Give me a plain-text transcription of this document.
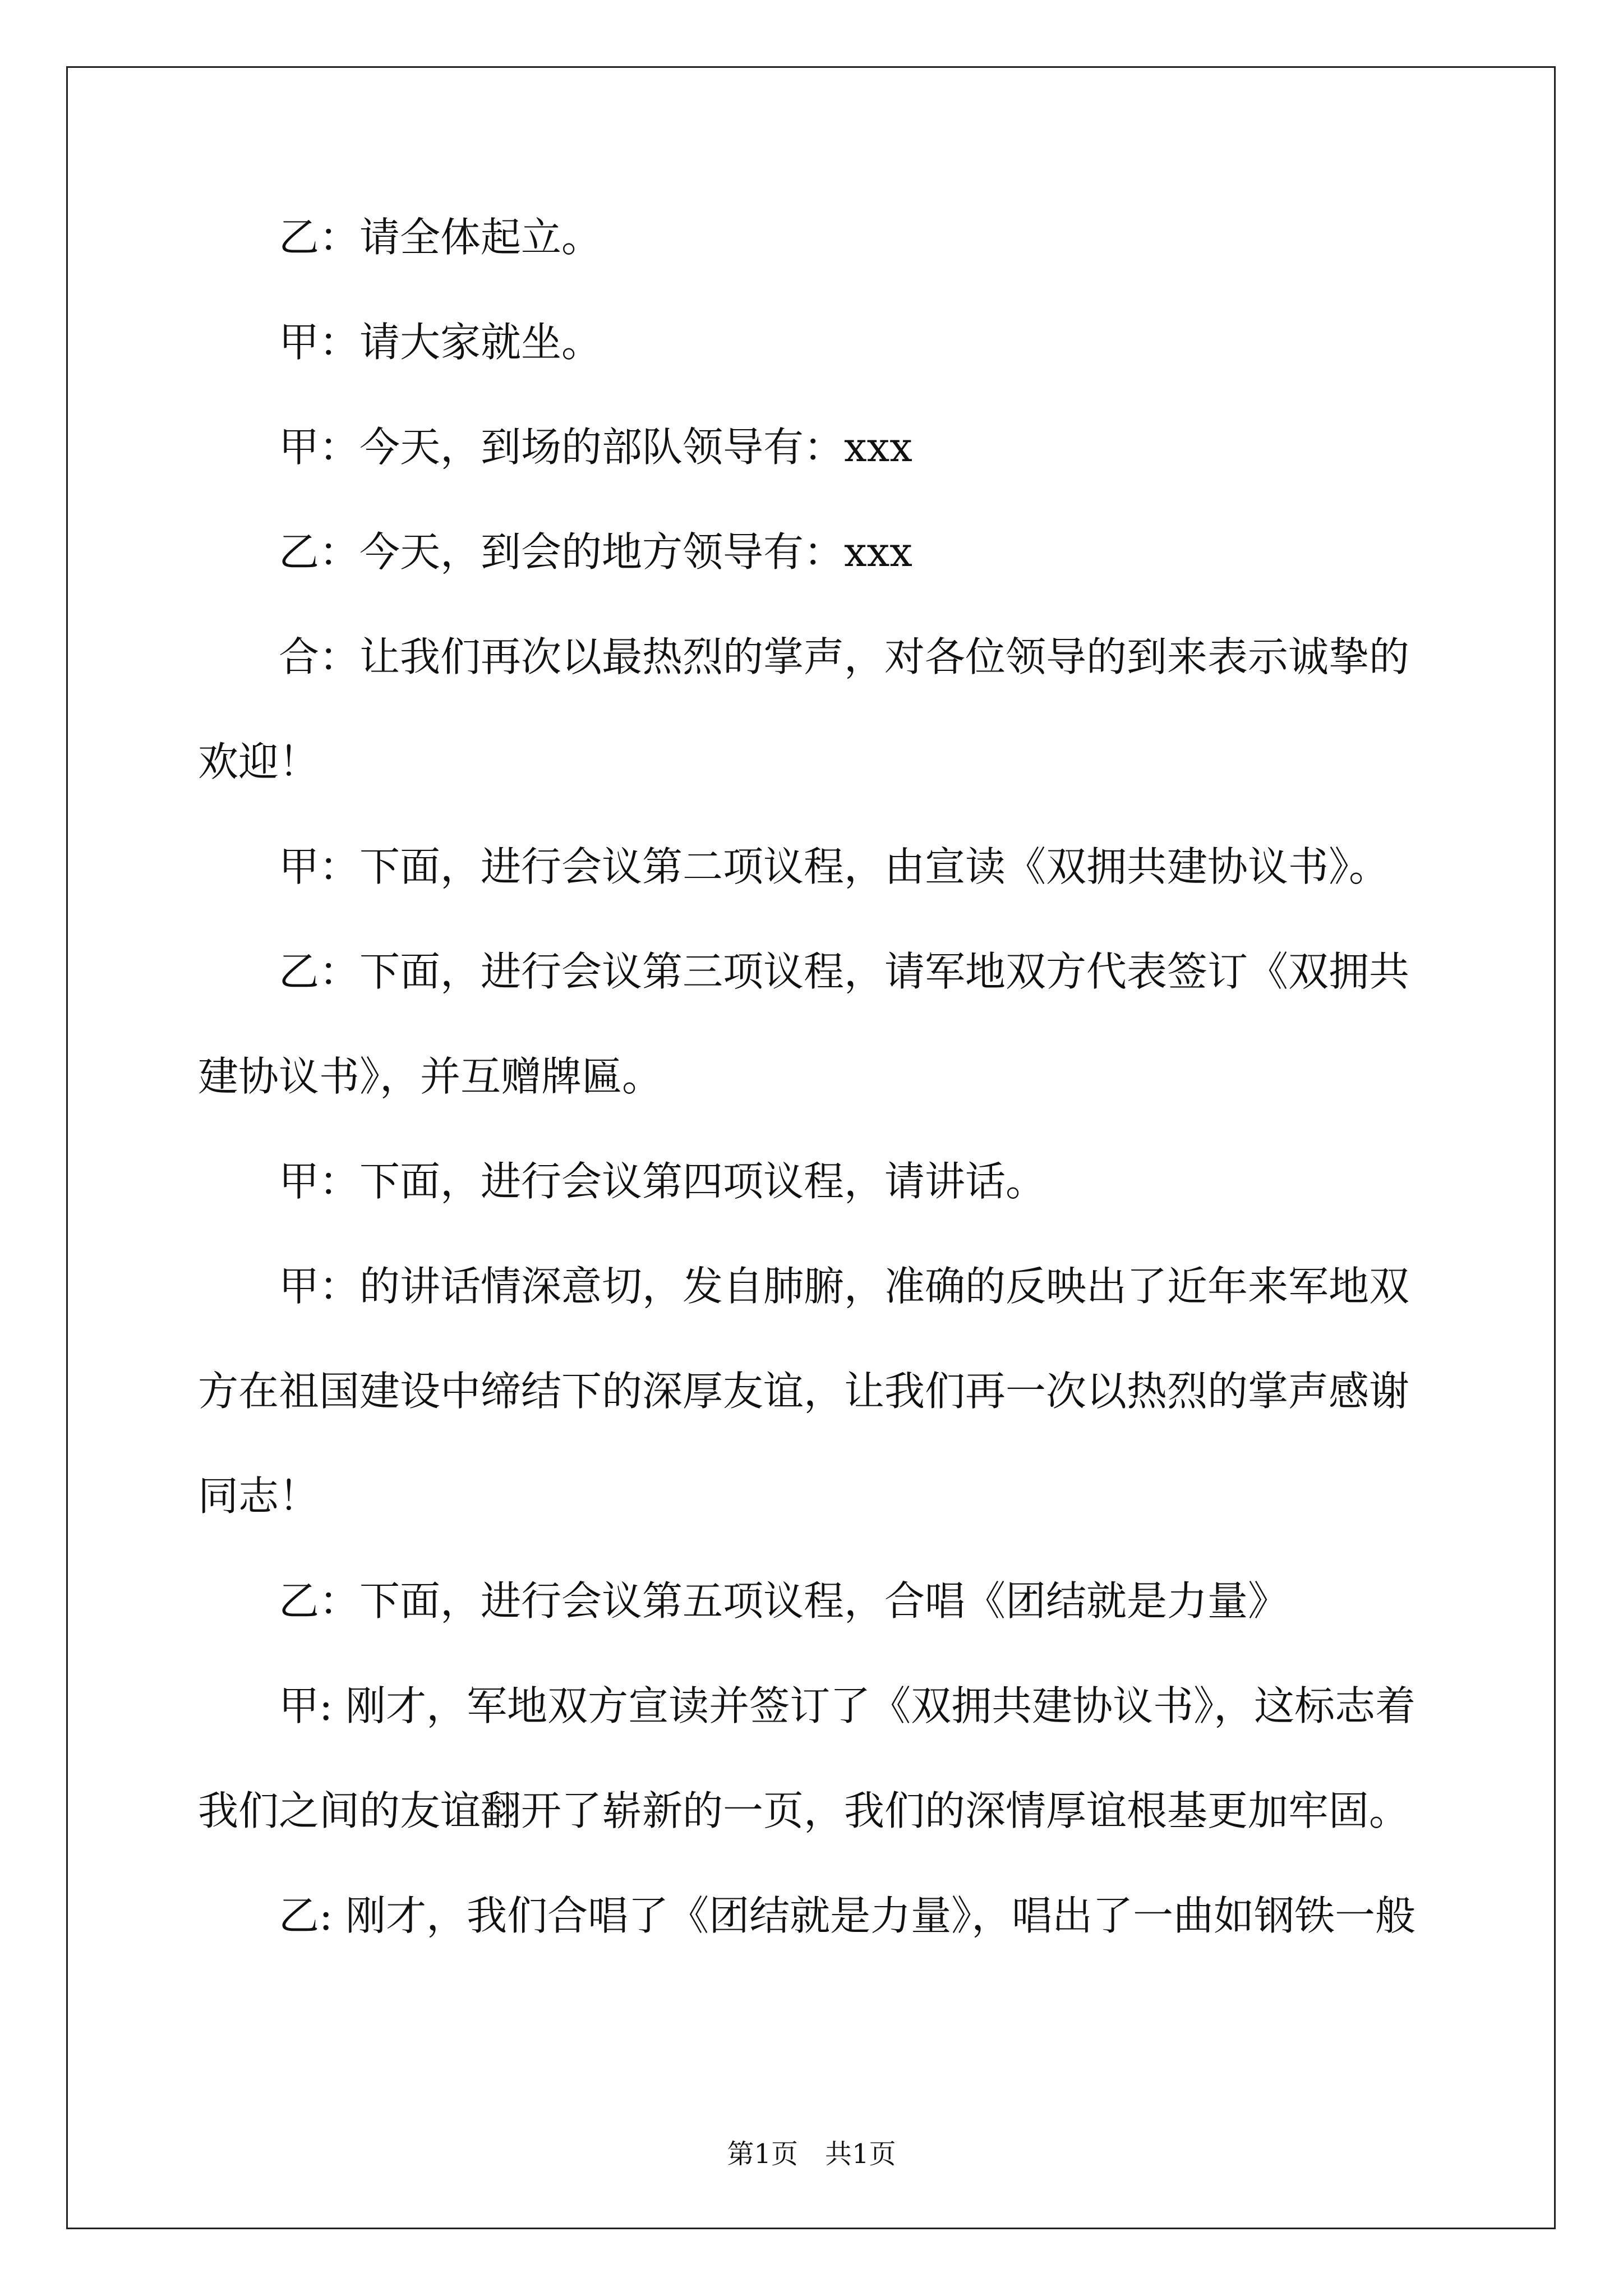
乙：请全体起立。

甲：请大家就坐。

甲：今天，到场的部队领导有：xxx

乙：今天，到会的地方领导有：xxx

合：让我们再次以最热烈的掌声，对各位领导的到来表示诚挚的欢迎！

甲：下面，进行会议第二项议程，由宣读《双拥共建协议书》。

乙：下面，进行会议第三项议程，请军地双方代表签订《双拥共建协议书》，并互赠牌匾。

甲：下面，进行会议第四项议程，请讲话。

甲：的讲话情深意切，发自肺腑，准确的反映出了近年来军地双方在祖国建设中缔结下的深厚友谊，让我们再一次以热烈的掌声感谢同志！

乙：下面，进行会议第五项议程，合唱《团结就是力量》

甲: 刚才，军地双方宣读并签订了《双拥共建协议书》，这标志着我们之间的友谊翻开了崭新的一页，我们的深情厚谊根基更加牢固。

乙: 刚才，我们合唱了《团结就是力量》，唱出了一曲如钢铁一般

第1页　共1页
